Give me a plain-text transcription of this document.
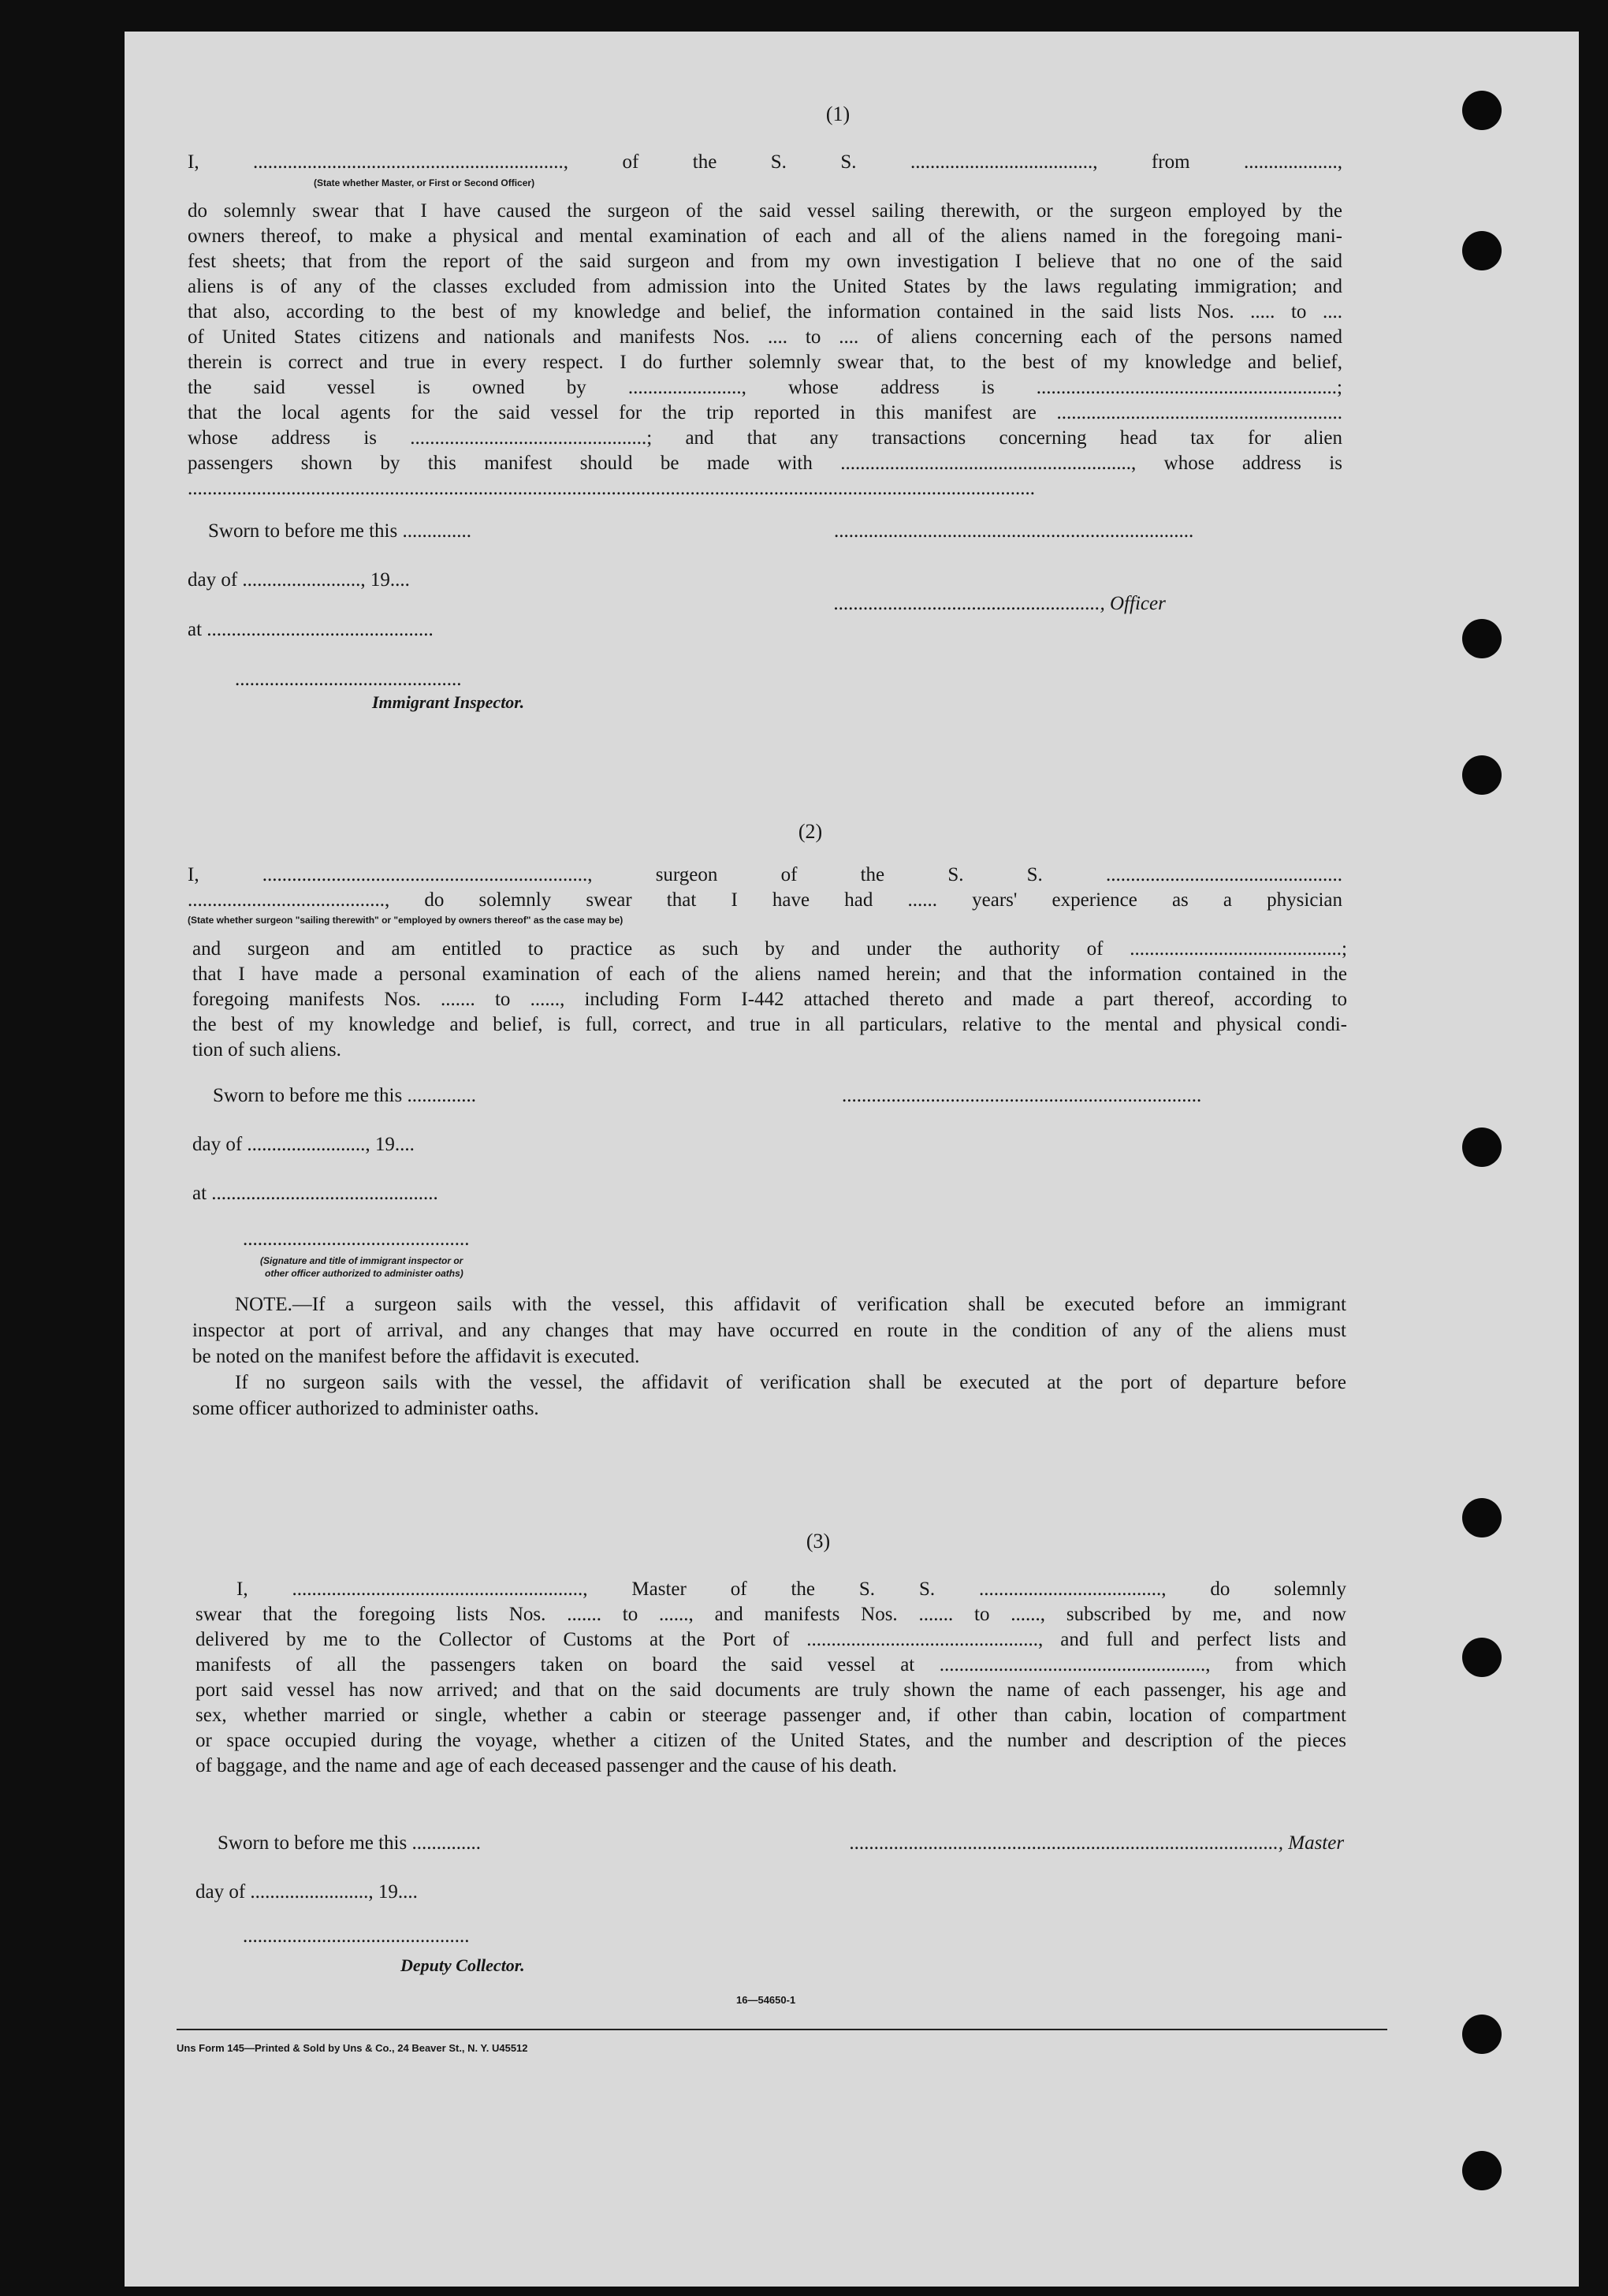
(1)
I, ..............................................................., of the S. S. ....................................., from ...................,
(State whether Master, or First or Second Officer)
do solemnly swear that I have caused the surgeon of the said vessel sailing therewith, or the surgeon employed by the
owners thereof, to make a physical and mental examination of each and all of the aliens named in the foregoing mani-
fest sheets; that from the report of the said surgeon and from my own investigation I believe that no one of the said
aliens is of any of the classes excluded from admission into the United States by the laws regulating immigration; and
that also, according to the best of my knowledge and belief, the information contained in the said lists Nos. ..... to ....
of United States citizens and nationals and manifests Nos. .... to .... of aliens concerning each of the persons named
therein is correct and true in every respect. I do further solemnly swear that, to the best of my knowledge and belief,
the said vessel is owned by ......................., whose address is .............................................................;
that the local agents for the said vessel for the trip reported in this manifest are ..........................................................
whose address is ................................................; and that any transactions concerning head tax for alien
passengers shown by this manifest should be made with ..........................................................., whose address is
............................................................................................................................................................................
Sworn to before me this ..............	.........................................................................
day of ........................, 19....
......................................................, Officer
at ..............................................
..............................................
Immigrant Inspector.
(2)
I, .................................................................., surgeon of the S. S. ................................................
........................................, do solemnly swear that I have had ...... years' experience as a physician
(State whether surgeon "sailing therewith" or "employed by owners thereof" as the case may be)
and surgeon and am entitled to practice as such by and under the authority of ...........................................;
that I have made a personal examination of each of the aliens named herein; and that the information contained in the
foregoing manifests Nos. ....... to ......, including Form I-442 attached thereto and made a part thereof, according to
the best of my knowledge and belief, is full, correct, and true in all particulars, relative to the mental and physical condi-
tion of such aliens.
Sworn to before me this ..............	.........................................................................
day of ........................, 19....
at ..............................................
..............................................
(Signature and title of immigrant inspector or
other officer authorized to administer oaths)
NOTE.—If a surgeon sails with the vessel, this affidavit of verification shall be executed before an immigrant
inspector at port of arrival, and any changes that may have occurred en route in the condition of any of the aliens must
be noted on the manifest before the affidavit is executed.
If no surgeon sails with the vessel, the affidavit of verification shall be executed at the port of departure before
some officer authorized to administer oaths.
(3)
I, ..........................................................., Master of the S. S. ....................................., do solemnly
swear that the foregoing lists Nos. ....... to ......, and manifests Nos. ....... to ......, subscribed by me, and now
delivered by me to the Collector of Customs at the Port of ..............................................., and full and perfect lists and
manifests of all the passengers taken on board the said vessel at ......................................................, from which
port said vessel has now arrived; and that on the said documents are truly shown the name of each passenger, his age and
sex, whether married or single, whether a cabin or steerage passenger and, if other than cabin, location of compartment
or space occupied during the voyage, whether a citizen of the United States, and the number and description of the pieces
of baggage, and the name and age of each deceased passenger and the cause of his death.
Sworn to before me this ..............	......................................................................................., Master
day of ........................, 19....
..............................................
Deputy Collector.
16—54650-1
Uns Form 145—Printed & Sold by Uns & Co., 24 Beaver St., N. Y. U45512
